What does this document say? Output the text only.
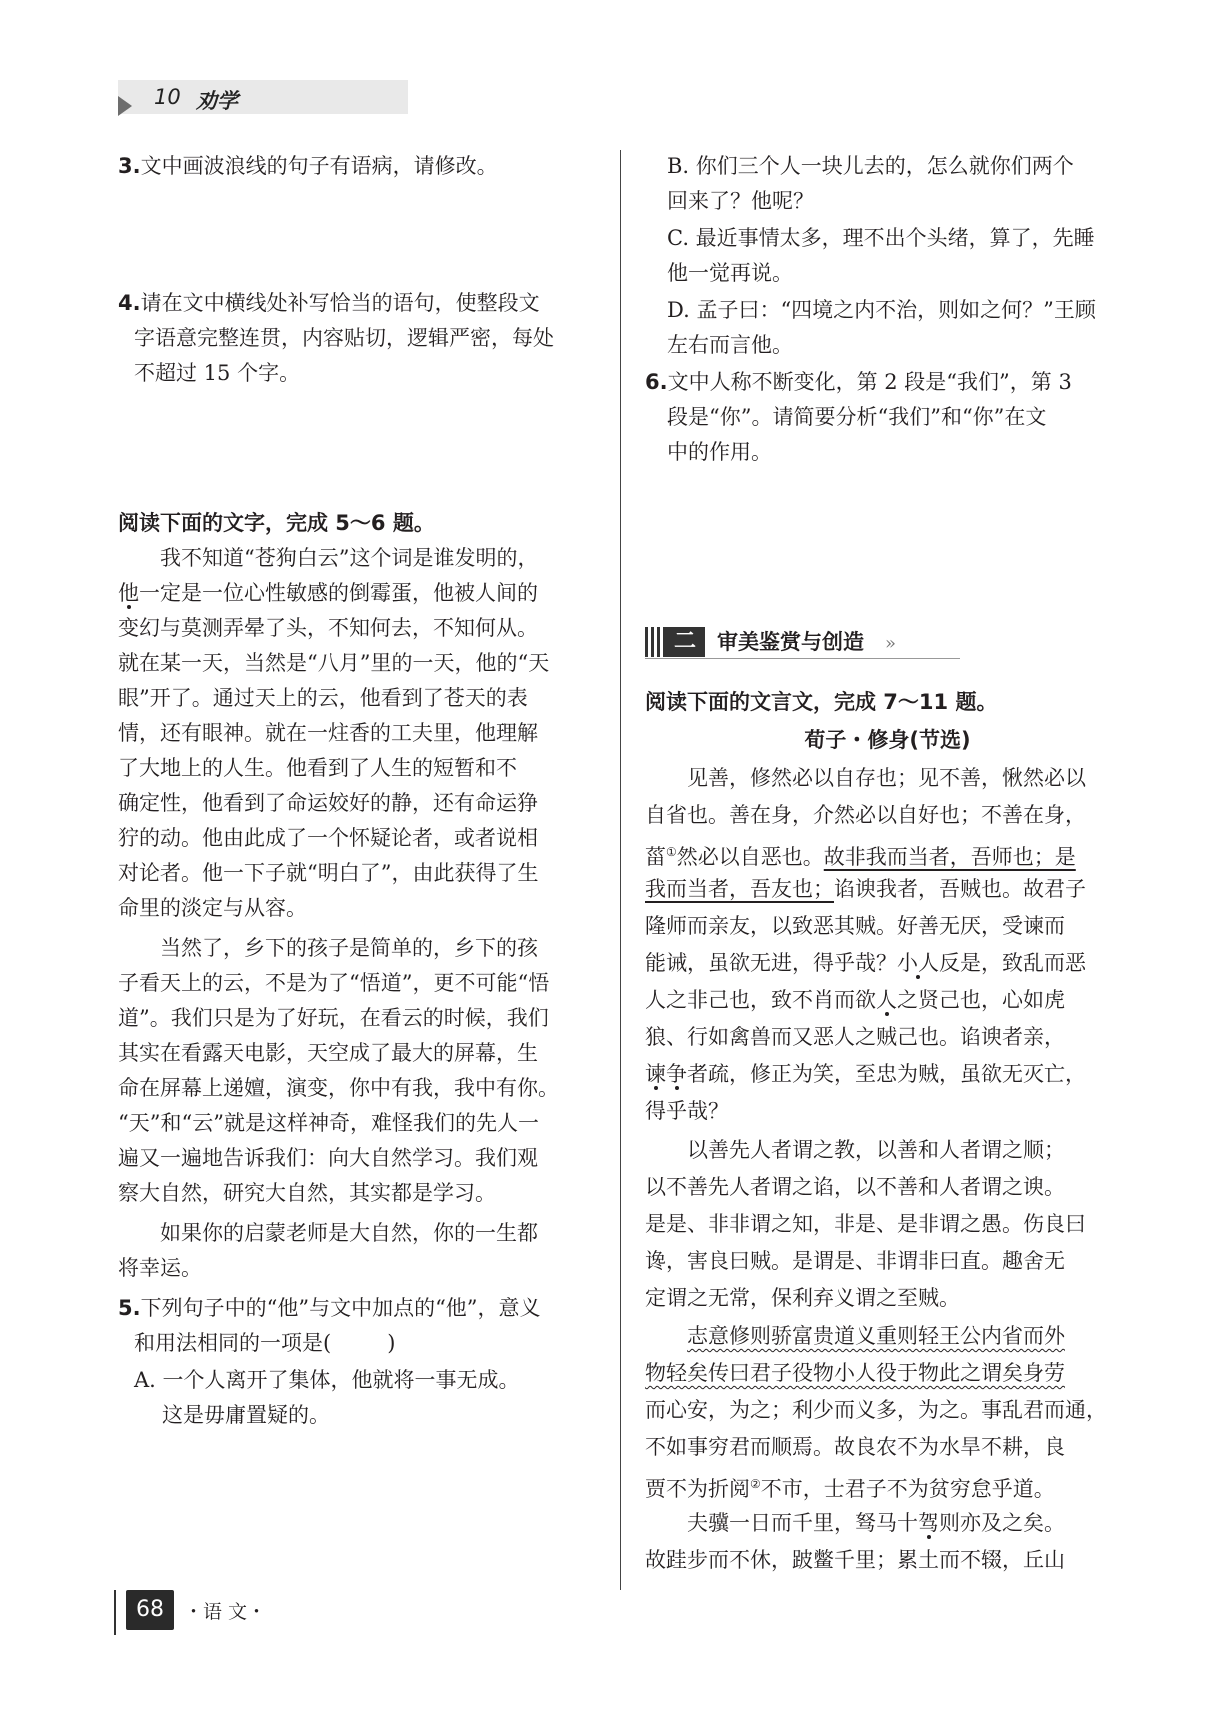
10 劝学
3.文中画波浪线的句子有语病，请修改。
4.请在文中横线处补写恰当的语句，使整段文
字语意完整连贯，内容贴切，逻辑严密，每处
不超过 15 个字。
阅读下面的文字，完成 5～6 题。
我不知道“苍狗白云”这个词是谁发明的，
他一定是一位心性敏感的倒霉蛋，他被人间的
变幻与莫测弄晕了头，不知何去，不知何从。
就在某一天，当然是“八月”里的一天，他的“天
眼”开了。通过天上的云，他看到了苍天的表
情，还有眼神。就在一炷香的工夫里，他理解
了大地上的人生。他看到了人生的短暂和不
确定性，他看到了命运姣好的静，还有命运狰
狞的动。他由此成了一个怀疑论者，或者说相
对论者。他一下子就“明白了”，由此获得了生
命里的淡定与从容。
当然了，乡下的孩子是简单的，乡下的孩
子看天上的云，不是为了“悟道”，更不可能“悟
道”。我们只是为了好玩，在看云的时候，我们
其实在看露天电影，天空成了最大的屏幕，生
命在屏幕上递嬗，演变，你中有我，我中有你。
“天”和“云”就是这样神奇，难怪我们的先人一
遍又一遍地告诉我们：向大自然学习。我们观
察大自然，研究大自然，其实都是学习。
如果你的启蒙老师是大自然，你的一生都
将幸运。
5.下列句子中的“他”与文中加点的“他”，意义
和用法相同的一项是(	)
A. 一个人离开了集体，他就将一事无成。
这是毋庸置疑的。
B. 你们三个人一块儿去的，怎么就你们两个
回来了？他呢？
C. 最近事情太多，理不出个头绪，算了，先睡
他一觉再说。
D. 孟子曰：“四境之内不治，则如之何？”王顾
左右而言他。
6.文中人称不断变化，第 2 段是“我们”，第 3
段是“你”。请简要分析“我们”和“你”在文
中的作用。
二	审美鉴赏与创造 »
阅读下面的文言文，完成 7～11 题。
荀子・修身(节选)
见善，修然必以自存也；见不善，愀然必以
自省也。善在身，介然必以自好也；不善在身，
菑①然必以自恶也。故非我而当者，吾师也；是
我而当者，吾友也；谄谀我者，吾贼也。故君子
隆师而亲友，以致恶其贼。好善无厌，受谏而
能诫，虽欲无进，得乎哉？小人反是，致乱而恶
人之非己也，致不肖而欲人之贤己也，心如虎
狼、行如禽兽而又恶人之贼己也。谄谀者亲，
谏争者疏，修正为笑，至忠为贼，虽欲无灭亡，
得乎哉？
以善先人者谓之教，以善和人者谓之顺；
以不善先人者谓之谄，以不善和人者谓之谀。
是是、非非谓之知，非是、是非谓之愚。伤良曰
谗，害良曰贼。是谓是、非谓非曰直。趣舍无
定谓之无常，保利弃义谓之至贼。
志意修则骄富贵道义重则轻王公内省而外
物轻矣传曰君子役物小人役于物此之谓矣身劳
而心安，为之；利少而义多，为之。事乱君而通，
不如事穷君而顺焉。故良农不为水旱不耕，良
贾不为折阅②不市，士君子不为贫穷怠乎道。
夫骥一日而千里，驽马十驾则亦及之矣。
故跬步而不休，跛鳖千里；累土而不辍，丘山
68	・语 文・
